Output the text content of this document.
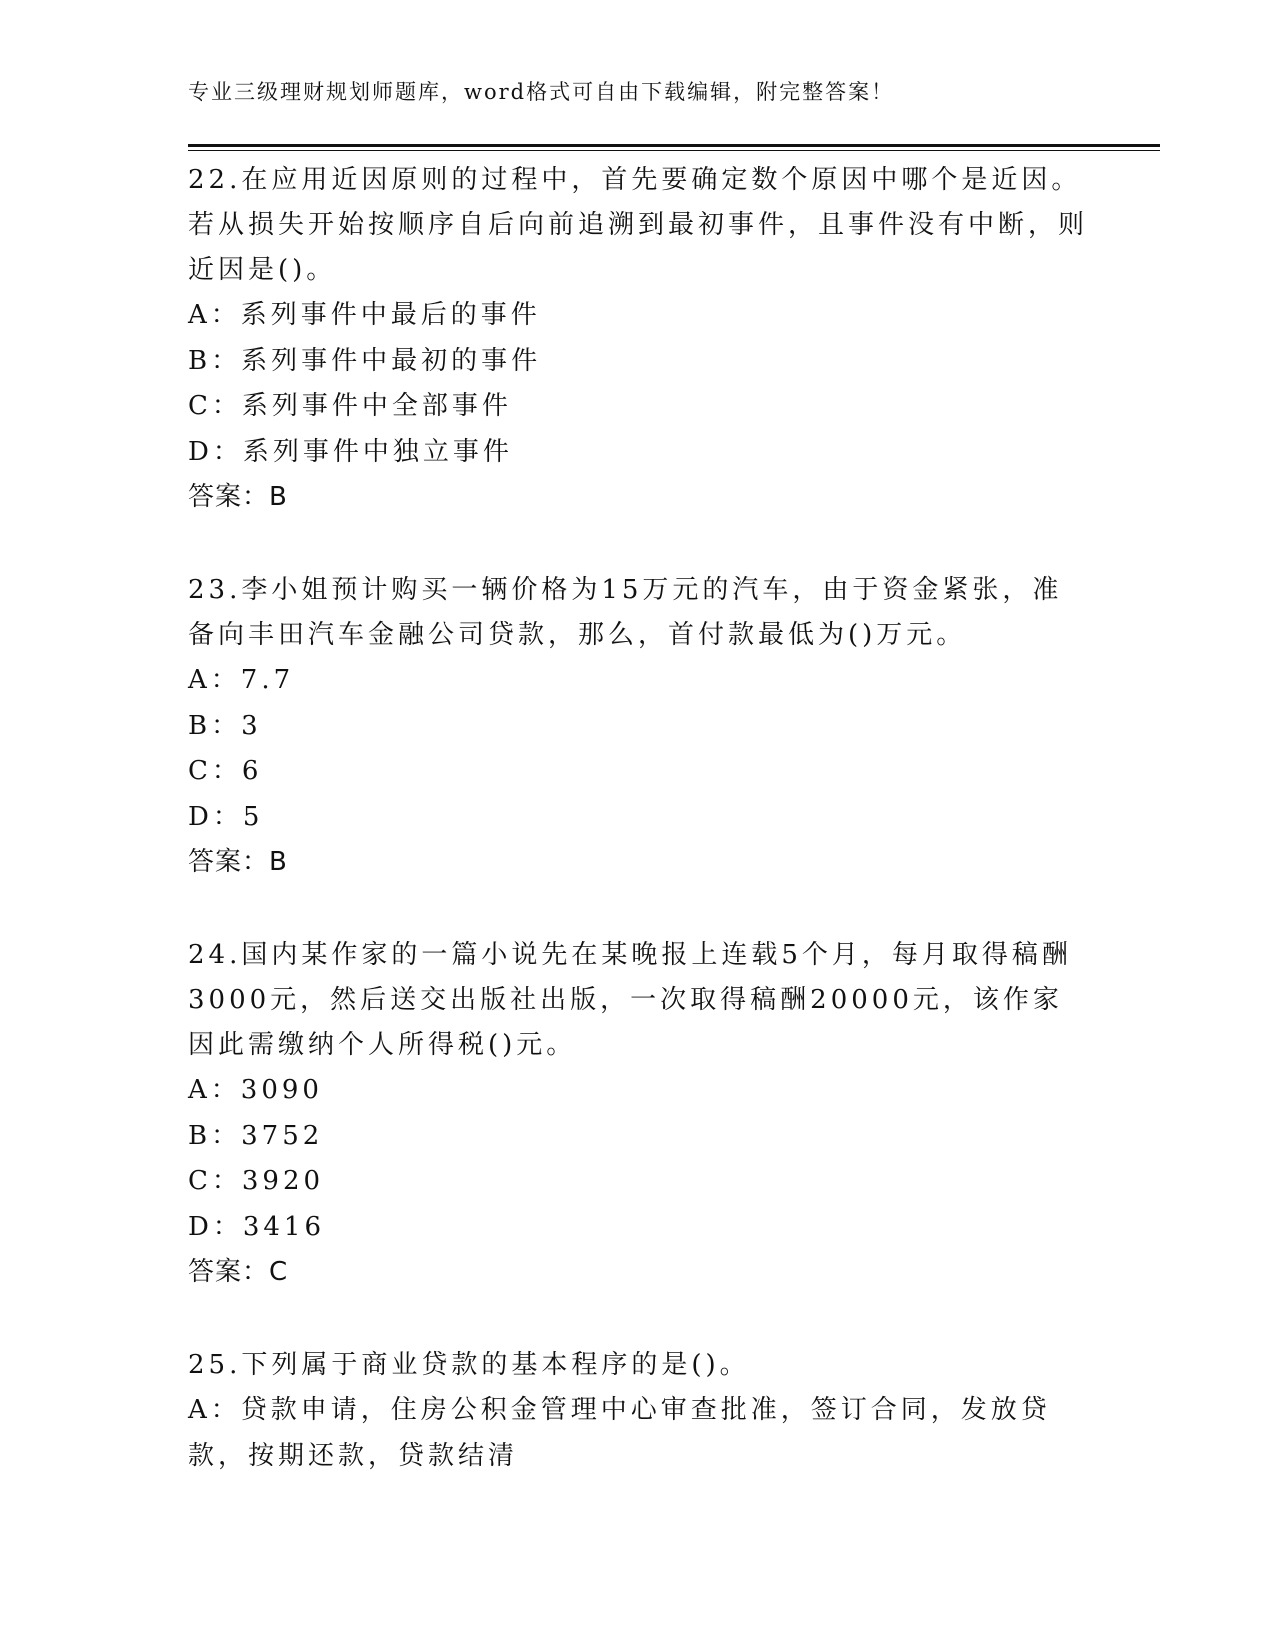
专业三级理财规划师题库，word格式可自由下载编辑，附完整答案！

22.在应用近因原则的过程中，首先要确定数个原因中哪个是近因。若从损失开始按顺序自后向前追溯到最初事件，且事件没有中断，则近因是()。

A：系列事件中最后的事件

B：系列事件中最初的事件

C：系列事件中全部事件

D：系列事件中独立事件

答案：B

23.李小姐预计购买一辆价格为15万元的汽车，由于资金紧张，准备向丰田汽车金融公司贷款，那么，首付款最低为()万元。

A：7.7

B：3

C：6

D：5

答案：B

24.国内某作家的一篇小说先在某晚报上连载5个月，每月取得稿酬3000元，然后送交出版社出版，一次取得稿酬20000元，该作家因此需缴纳个人所得税()元。

A：3090

B：3752

C：3920

D：3416

答案：C

25.下列属于商业贷款的基本程序的是()。

A：贷款申请，住房公积金管理中心审查批准，签订合同，发放贷款，按期还款，贷款结清
